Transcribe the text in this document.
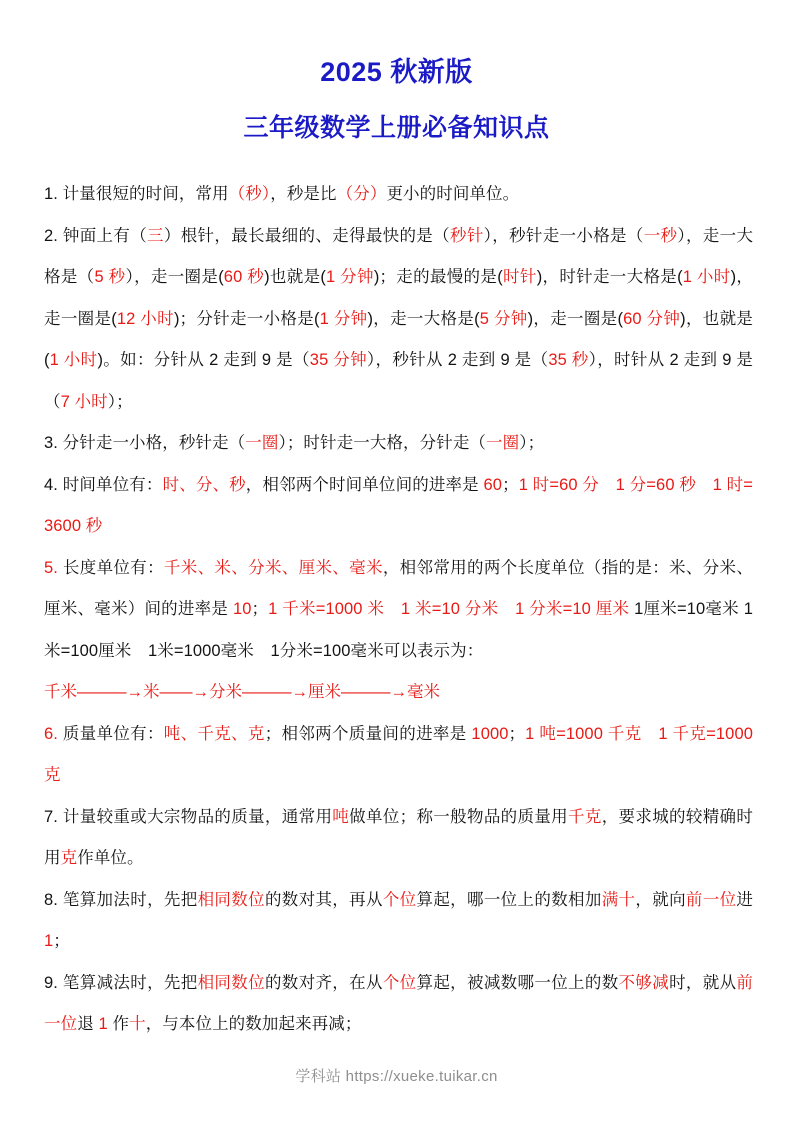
2025 秋新版
三年级数学上册必备知识点

1. 计量很短的时间，常用（秒），秒是比（分）更小的时间单位。

2. 钟面上有（三）根针，最长最细的、走得最快的是（秒针），秒针走一小格是（一秒），走一大格是（5 秒），走一圈是(60 秒)也就是(1 分钟)；走的最慢的是(时针)，时针走一大格是(1 小时)，走一圈是(12 小时)；分针走一小格是(1 分钟)，走一大格是(5 分钟)，走一圈是(60 分钟)，也就是(1 小时)。如：分针从 2 走到 9 是（35 分钟），秒针从 2 走到 9 是（35 秒），时针从 2 走到 9 是（7 小时）；

3. 分针走一小格，秒针走（一圈）；时针走一大格，分针走（一圈）；

4. 时间单位有：时、分、秒，相邻两个时间单位间的进率是 60；1 时=60 分　1 分=60 秒　1 时=3600 秒

5. 长度单位有：千米、米、分米、厘米、毫米，相邻常用的两个长度单位（指的是：米、分米、厘米、毫米）间的进率是 10；1 千米=1000 米　1 米=10 分米　1 分米=10 厘米 1厘米=10毫米 1米=100厘米　1米=1000毫米　1分米=100毫米可以表示为：

千米———→米——→分米———→厘米———→毫米

6. 质量单位有：吨、千克、克；相邻两个质量间的进率是 1000；1 吨=1000 千克　1 千克=1000 克

7. 计量较重或大宗物品的质量，通常用吨做单位；称一般物品的质量用千克，要求城的较精确时用克作单位。

8. 笔算加法时，先把相同数位的数对其，再从个位算起，哪一位上的数相加满十，就向前一位进 1；

9. 笔算减法时，先把相同数位的数对齐，在从个位算起，被减数哪一位上的数不够减时，就从前一位退 1 作十，与本位上的数加起来再减；

学科站 https://xueke.tuikar.cn
